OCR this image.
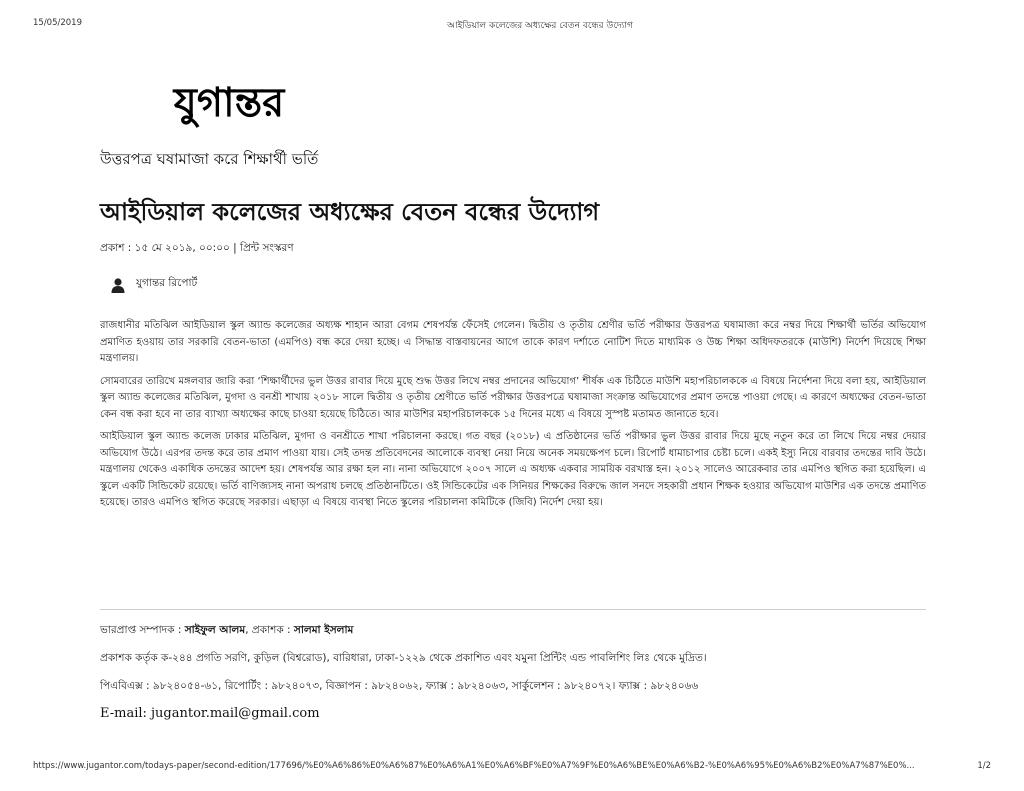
15/05/2019	আইডিয়াল কলেজের অধ্যক্ষের বেতন বন্ধের উদ্যোগ
যুগান্তর
উত্তরপত্র ঘষামাজা করে শিক্ষার্থী ভর্তি
আইডিয়াল কলেজের অধ্যক্ষের বেতন বন্ধের উদ্যোগ
প্রকাশ : ১৫ মে ২০১৯, ০০:০০ | প্রিন্ট সংস্করণ
যুগান্তর রিপোর্ট

রাজধানীর মতিঝিল আইডিয়াল স্কুল অ্যান্ড কলেজের অধ্যক্ষ শাহান আরা বেগম শেষপর্যন্ত ফেঁসেই গেলেন। দ্বিতীয় ও তৃতীয় শ্রেণীর ভর্তি পরীক্ষার উত্তরপত্র ঘষামাজা করে নম্বর দিয়ে শিক্ষার্থী ভর্তির অভিযোগ প্রমাণিত হওয়ায় তার সরকারি বেতন-ভাতা (এমপিও) বন্ধ করে দেয়া হচ্ছে। এ সিদ্ধান্ত বাস্তবায়নের আগে তাকে কারণ দর্শাতে নোটিশ দিতে মাধ্যমিক ও উচ্চ শিক্ষা অধিদফতরকে (মাউশি) নির্দেশ দিয়েছে শিক্ষা মন্ত্রণালয়।

সোমবারের তারিখে মঙ্গলবার জারি করা ‘শিক্ষার্থীদের ভুল উত্তর রাবার দিয়ে মুছে শুদ্ধ উত্তর লিখে নম্বর প্রদানের অভিযোগ’ শীর্ষক এক চিঠিতে মাউশি মহাপরিচালককে এ বিষয়ে নির্দেশনা দিয়ে বলা হয়, আইডিয়াল স্কুল অ্যান্ড কলেজের মতিঝিল, মুগদা ও বনশ্রী শাখায় ২০১৮ সালে দ্বিতীয় ও তৃতীয় শ্রেণীতে ভর্তি পরীক্ষার উত্তরপত্রে ঘষামাজা সংক্রান্ত অভিযোগের প্রমাণ তদন্তে পাওয়া গেছে। এ কারণে অধ্যক্ষের বেতন-ভাতা কেন বন্ধ করা হবে না তার ব্যাখ্যা অধ্যক্ষের কাছে চাওয়া হয়েছে চিঠিতে। আর মাউশির মহাপরিচালককে ১৫ দিনের মধ্যে এ বিষয়ে সুস্পষ্ট মতামত জানাতে হবে।

আইডিয়াল স্কুল অ্যান্ড কলেজ ঢাকার মতিঝিল, মুগদা ও বনশ্রীতে শাখা পরিচালনা করছে। গত বছর (২০১৮) এ প্রতিষ্ঠানের ভর্তি পরীক্ষার ভুল উত্তর রাবার দিয়ে মুছে নতুন করে তা লিখে দিয়ে নম্বর দেয়ার অভিযোগ উঠে। এরপর তদন্ত করে তার প্রমাণ পাওয়া যায়। সেই তদন্ত প্রতিবেদনের আলোকে ব্যবস্থা নেয়া নিয়ে অনেক সময়ক্ষেপণ চলে। রিপোর্ট ধামাচাপার চেষ্টা চলে। একই ইস্যু নিয়ে বারবার তদন্তের দাবি উঠে। মন্ত্রণালয় থেকেও একাধিক তদন্তের আদেশ হয়। শেষপর্যন্ত আর রক্ষা হল না। নানা অভিযোগে ২০০৭ সালে এ অধ্যক্ষ একবার সাময়িক বরখাস্ত হন। ২০১২ সালেও আরেকবার তার এমপিও স্থগিত করা হয়েছিল। এ স্কুলে একটি সিন্ডিকেট রয়েছে। ভর্তি বাণিজ্যসহ নানা অপরাধ চলছে প্রতিষ্ঠানটিতে। ওই সিন্ডিকেটের এক সিনিয়র শিক্ষকের বিরুদ্ধে জাল সনদে সহকারী প্রধান শিক্ষক হওয়ার অভিযোগ মাউশির এক তদন্তে প্রমাণিত হয়েছে। তারও এমপিও স্থগিত করেছে সরকার। এছাড়া এ বিষয়ে ব্যবস্থা নিতে স্কুলের পরিচালনা কমিটিকে (জিবি) নির্দেশ দেয়া হয়।

ভারপ্রাপ্ত সম্পাদক : সাইফুল আলম, প্রকাশক : সালমা ইসলাম
প্রকাশক কর্তৃক ক-২৪৪ প্রগতি সরণি, কুড়িল (বিশ্বরোড), বারিধারা, ঢাকা-১২২৯ থেকে প্রকাশিত এবং যমুনা প্রিন্টিং এন্ড পাবলিশিং লিঃ থেকে মুদ্রিত।
পিএবিএক্স : ৯৮২৪০৫৪-৬১, রিপোর্টিং : ৯৮২৪০৭৩, বিজ্ঞাপন : ৯৮২৪০৬২, ফ্যাক্স : ৯৮২৪০৬৩, সার্কুলেশন : ৯৮২৪০৭২। ফ্যাক্স : ৯৮২৪০৬৬
E-mail: jugantor.mail@gmail.com
https://www.jugantor.com/todays-paper/second-edition/177696/%E0%A6%86%E0%A6%87%E0%A6%A1%E0%A6%BF%E0%A7%9F%E0%A6%BE%E0%A6%B2-%E0%A6%95%E0%A6%B2%E0%A7%87%E0%...	1/2
